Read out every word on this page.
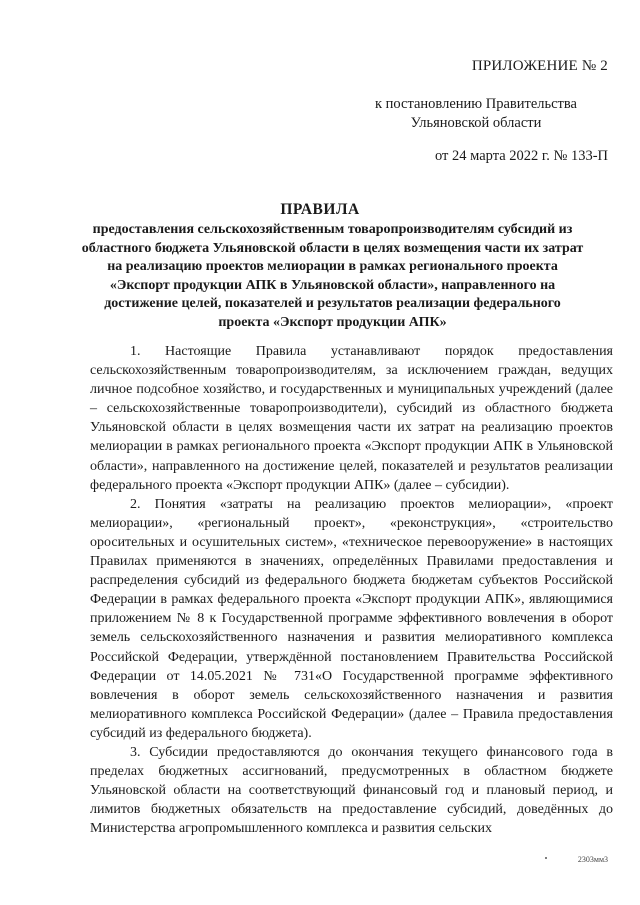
ПРИЛОЖЕНИЕ № 2
к постановлению Правительства
Ульяновской области
от 24 марта 2022 г. № 133-П
ПРАВИЛА
предоставления сельскохозяйственным товаропроизводителям субсидий из областного бюджета Ульяновской области в целях возмещения части их затрат на реализацию проектов мелиорации в рамках регионального проекта «Экспорт продукции АПК в Ульяновской области», направленного на достижение целей, показателей и результатов реализации федерального проекта «Экспорт продукции АПК»

1. Настоящие Правила устанавливают порядок предоставления сельскохозяйственным товаропроизводителям, за исключением граждан, ведущих личное подсобное хозяйство, и государственных и муниципальных учреждений (далее – сельскохозяйственные товаропроизводители), субсидий из областного бюджета Ульяновской области в целях возмещения части их затрат на реализацию проектов мелиорации в рамках регионального проекта «Экспорт продукции АПК в Ульяновской области», направленного на достижение целей, показателей и результатов реализации федерального проекта «Экспорт продукции АПК» (далее – субсидии).

2. Понятия «затраты на реализацию проектов мелиорации», «проект мелиорации», «региональный проект», «реконструкция», «строительство оросительных и осушительных систем», «техническое перевооружение» в настоящих Правилах применяются в значениях, определённых Правилами предоставления и распределения субсидий из федерального бюджета бюджетам субъектов Российской Федерации в рамках федерального проекта «Экспорт продукции АПК», являющимися приложением № 8 к Государственной программе эффективного вовлечения в оборот земель сельскохозяйственного назначения и развития мелиоративного комплекса Российской Федерации, утверждённой постановлением Правительства Российской Федерации от 14.05.2021 № 731«О Государственной программе эффективного вовлечения в оборот земель сельскохозяйственного назначения и развития мелиоративного комплекса Российской Федерации» (далее – Правила предоставления субсидий из федерального бюджета).

3. Субсидии предоставляются до окончания текущего финансового года в пределах бюджетных ассигнований, предусмотренных в областном бюджете Ульяновской области на соответствующий финансовый год и плановый период, и лимитов бюджетных обязательств на предоставление субсидий, доведённых до Министерства агропромышленного комплекса и развития сельских

2303мм3
